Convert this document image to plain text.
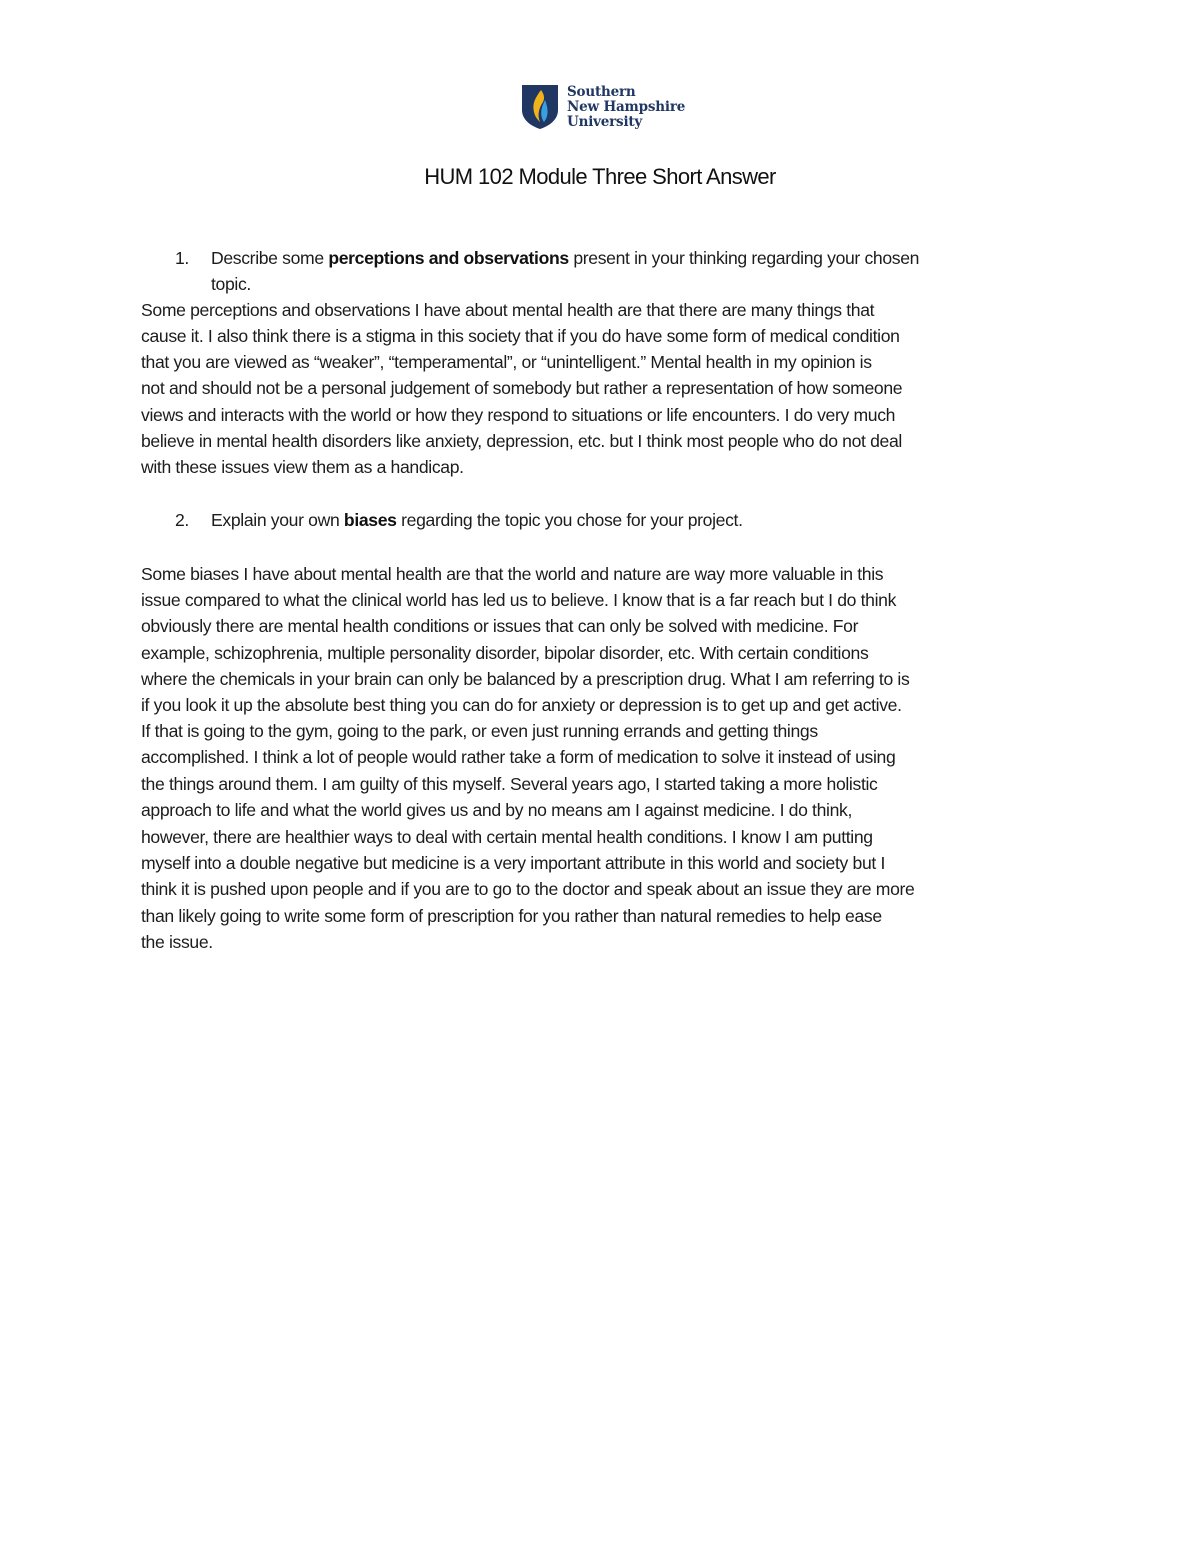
Southern
New Hampshire
University
HUM 102 Module Three Short Answer
1. Describe some perceptions and observations present in your thinking regarding your chosen
topic.
Some perceptions and observations I have about mental health are that there are many things that
cause it. I also think there is a stigma in this society that if you do have some form of medical condition
that you are viewed as “weaker”, “temperamental”, or “unintelligent.” Mental health in my opinion is
not and should not be a personal judgement of somebody but rather a representation of how someone
views and interacts with the world or how they respond to situations or life encounters. I do very much
believe in mental health disorders like anxiety, depression, etc. but I think most people who do not deal
with these issues view them as a handicap.
2. Explain your own biases regarding the topic you chose for your project.
Some biases I have about mental health are that the world and nature are way more valuable in this
issue compared to what the clinical world has led us to believe. I know that is a far reach but I do think
obviously there are mental health conditions or issues that can only be solved with medicine. For
example, schizophrenia, multiple personality disorder, bipolar disorder, etc. With certain conditions
where the chemicals in your brain can only be balanced by a prescription drug. What I am referring to is
if you look it up the absolute best thing you can do for anxiety or depression is to get up and get active.
If that is going to the gym, going to the park, or even just running errands and getting things
accomplished. I think a lot of people would rather take a form of medication to solve it instead of using
the things around them. I am guilty of this myself. Several years ago, I started taking a more holistic
approach to life and what the world gives us and by no means am I against medicine. I do think,
however, there are healthier ways to deal with certain mental health conditions. I know I am putting
myself into a double negative but medicine is a very important attribute in this world and society but I
think it is pushed upon people and if you are to go to the doctor and speak about an issue they are more
than likely going to write some form of prescription for you rather than natural remedies to help ease
the issue.
